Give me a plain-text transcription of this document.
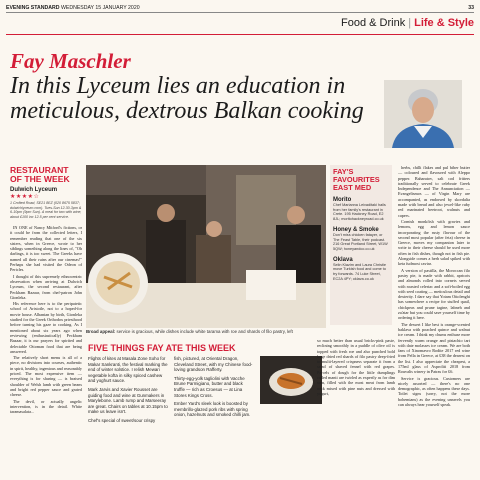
EVENING STANDARD WEDNESDAY 15 JANUARY 2020	33
Food & Drink | Life & Style
Fay Maschler
In this Lyceum lies an education in meticulous, dextrous Balkan cooking
RESTAURANT OF THE WEEK
Dulwich Lyceum
★★★★☆
1 Crofted Road, SE21 8EZ (020 8675 5837; dulwichlyceum.com). Tues-Sun 12.30-3pm & 6-10pm (9pm Sun). A meal for two with wine, about £100 inc 12.5 per cent service.

IN ONE of Nancy Mitford's fictions, or it could be from the collected letters, I remember reading that one of the six sisters, when in Greece, wrote to her siblings something along the lines of, "Oh darlings, it is too sweet. The Greeks have named all their ruins after our cinemas!" Perhaps she had visited the Odeon of Pericles.

I thought of this supremely ethnocentric observation when arriving at Dulwich Lyceum, the second restaurant, after Peckham Bazaar, from chef-patron John Gionleka.

His reference here is to the peripatetic school of Aristotle, not to a hoped-for movie house. Albanian by birth, Gionleka studied for the Greek Orthodox priesthood before turning his gaze to cooking. As I mentioned about six years ago when reviewing (enthusiastically) Peckham Bazaar, it is our prayers for spirited and delectable Ottoman food that are being answered.

The relatively short menu is all of a piece, no divisions into courses, authentic in spirit, healthy, ingenious and reasonably priced. The most expensive item — everything is for sharing — is braised shoulder of Welsh lamb with green beans and bright red pepper sauce and grated cheese.

The devil, or actually angelic intervention, is in the detail. White taramasalata...

Broad appeal: service is gracious, while dishes include white tarama with roe and shards of filo pastry, left
FAY'S FAVOURITES EAST MED
Morito
Chef Marianna Leivaditaki hails from her family's restaurant in Crete. 195 Hackney Road, E2 8JL; moritohackneyroad.co.uk
Honey & Smoke
Don't miss chicken fatayer, or The Feast Table, their podcast. 216 Great Portland Street, W1W 5QW; honeyandco.co.uk
Oklava
Selin Kiazim and Laura Christie move Turkish food and come to try forwards. 74 Luke Street, EC2A 4PY; oklava.co.uk
FIVE THINGS FAY ATE THIS WEEK

Flights of kites at Masala Zone Soho for Makar Sankranti, the festival marking the end of winter solstice. I relish Mewari vegetable kofta in silky spiced cashew and yoghurt sauce.

Mark Jarvis and Xavier Rousset are guiding food and wine at Gunmakers in Marylebone. Lamb rump and Marseeray are great. Chairs on tables at 10.15pm to make us leave isn't.

Chef's special of sweet/sour crispy

fish, pictured, at Oriental Dragon, Cleveland Street, with my Chinese food-loving grandson Rafferty.

Thirty-egg-yolk tagliolini with Vacche Brune Parmigiano, butter and black truffle — rich as Croesus — at Lina Stores Kings Cross.

Ember Yard's sleek look is boosted by membrillo-glazed pork ribs with spring onion, hazelnuts and smoked chilli jam.

so much better than usual bricks-pink paste, reclining smoothly in a puddle of olive oil is topped with fresh roe and also punched bold large dried red shards of filo pastry deep-fried to multi-layered crispness separate it from a salad of shaved fennel with red grapes. Parcels of dough for the little dumplings called manti are twirled as expertly as for dim sum, filled with the most meat from lamb neck mixed with pine nuts and dressed with yogurt,

herbs, chilli flakes and pul biber butter — coloured and flavoured with Aleppo pepper. Baharatov, salt cod fritters traditionally served to celebrate Greek Independence and The Annunciation — Evangelismos — of Virgin Mary are accompanied, as endorsed by skordalia made with bread and also jewel-like ruby red marinated beetroot, walnuts and capers.

Cornish monkfish with gravies and lemons, egg and lemon sauce incorporating the rusty flavour of the second most popular (after feta) cheese in Greece, moves my companion later to write to their cheese should be used more often in fish dishes, though not in fish pie. Alongside comes a herb salad spiked with keta fudmost caviar.

A version of pastilla, the Moroccan filo pastry pie, is made with rabbit, apricots and almonds rolled into cornets served with roasted celeriac and a soft-boiled egg with seed coating — meticulous detail and dexterity. I dare say that Yotam Ottolenghi has somewhere a recipe for stuffed quail, chickpeas and prune tagine, labneh and za'atar but you could save yourself time by ordering it here.

The dessert I like best is orange-scented baklava with poached quince and walnut ice cream. I think my chums enthuse more fervently warm orange and pistachio tart with date molasses ice cream. We are both fans of Xinomavro Rodite 2017 red wine from Pella in Greece, at £38 the dearest on the list. I also appreciate the cheapest, a 175ml glass of Asproliti 2018 from Rouvalis winery in Patras for £6.

Service is gracious. Customers are nicely assorted — there's no one demographic, as often happens these days. Toilet signs (sorry, not the more bohemians) as the evening unravels you can always hear yourself speak.
